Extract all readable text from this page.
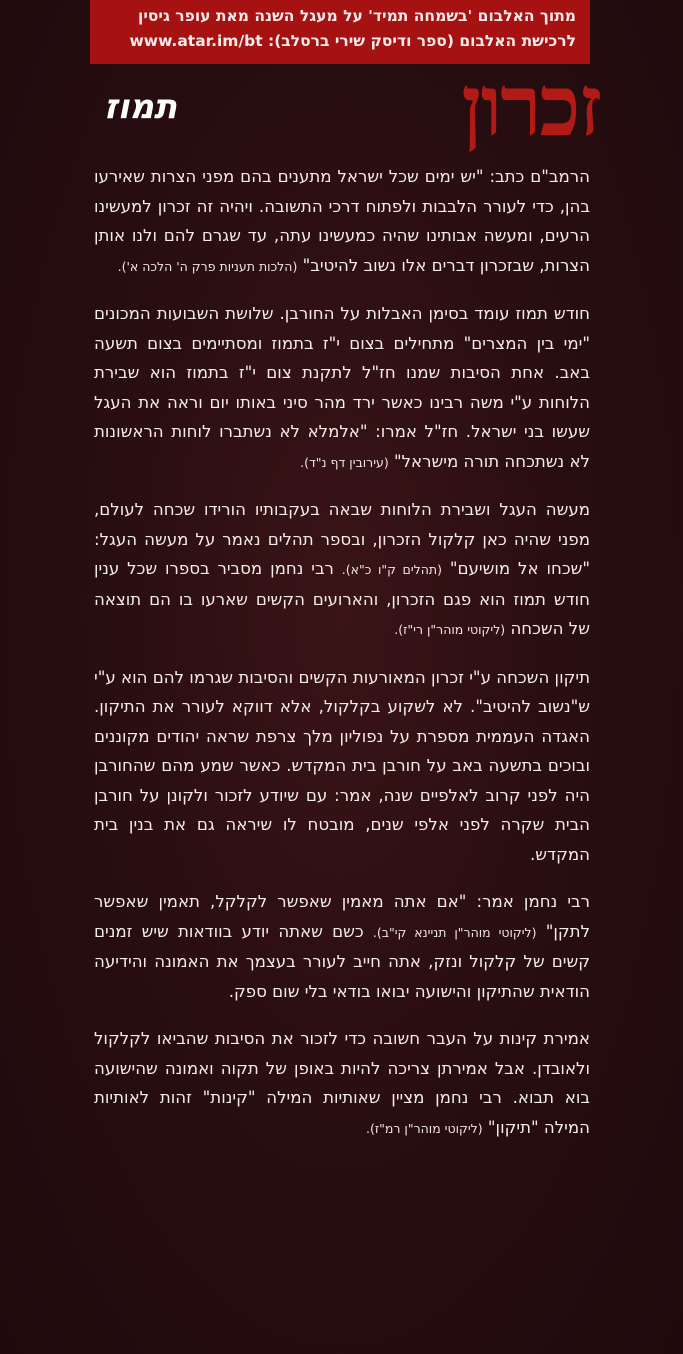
מתוך האלבום 'בשמחה תמיד' על מעגל השנה מאת עופר גיסין
לרכישת האלבום (ספר ודיסק שירי ברסלב): www.atar.im/bt
זכרון
תמוז

הרמב"ם כתב: "יש ימים שכל ישראל מתענים בהם מפני הצרות שאירעו בהן, כדי לעורר הלבבות ולפתוח דרכי התשובה. ויהיה זה זכרון למעשינו הרעים, ומעשה אבותינו שהיה כמעשינו עתה, עד שגרם להם ולנו אותן הצרות, שבזכרון דברים אלו נשוב להיטיב" (הלכות תעניות פרק ה' הלכה א').

חודש תמוז עומד בסימן האבלות על החורבן. שלושת השבועות המכונים "ימי בין המצרים" מתחילים בצום י"ז בתמוז ומסתיימים בצום תשעה באב. אחת הסיבות שמנו חז"ל לתקנת צום י"ז בתמוז הוא שבירת הלוחות ע"י משה רבינו כאשר ירד מהר סיני באותו יום וראה את העגל שעשו בני ישראל. חז"ל אמרו: "אלמלא לא נשתברו לוחות הראשונות לא נשתכחה תורה מישראל" (עירובין דף נ"ד).

מעשה העגל ושבירת הלוחות שבאה בעקבותיו הורידו שכחה לעולם, מפני שהיה כאן קלקול הזכרון, ובספר תהלים נאמר על מעשה העגל: "שכחו אל מושיעם" (תהלים ק"ו כ"א). רבי נחמן מסביר בספרו שכל ענין חודש תמוז הוא פגם הזכרון, והארועים הקשים שארעו בו הם תוצאה של השכחה (ליקוטי מוהר"ן רי"ז).

תיקון השכחה ע"י זכרון המאורעות הקשים והסיבות שגרמו להם הוא ע"י ש"נשוב להיטיב". לא לשקוע בקלקול, אלא דווקא לעורר את התיקון. האגדה העממית מספרת על נפוליון מלך צרפת שראה יהודים מקוננים ובוכים בתשעה באב על חורבן בית המקדש. כאשר שמע מהם שהחורבן היה לפני קרוב לאלפיים שנה, אמר: עם שיודע לזכור ולקונן על חורבן הבית שקרה לפני אלפי שנים, מובטח לו שיראה גם את בנין בית המקדש.

רבי נחמן אמר: "אם אתה מאמין שאפשר לקלקל, תאמין שאפשר לתקן" (ליקוטי מוהר"ן תניינא קי"ב). כשם שאתה יודע בוודאות שיש זמנים קשים של קלקול ונזק, אתה חייב לעורר בעצמך את האמונה והידיעה הודאית שהתיקון והישועה יבואו בודאי בלי שום ספק.

אמירת קינות על העבר חשובה כדי לזכור את הסיבות שהביאו לקלקול ולאובדן. אבל אמירתן צריכה להיות באופן של תקוה ואמונה שהישועה בוא תבוא. רבי נחמן מציין שאותיות המילה "קינות" זהות לאותיות המילה "תיקון" (ליקוטי מוהר"ן רמ"ז).
